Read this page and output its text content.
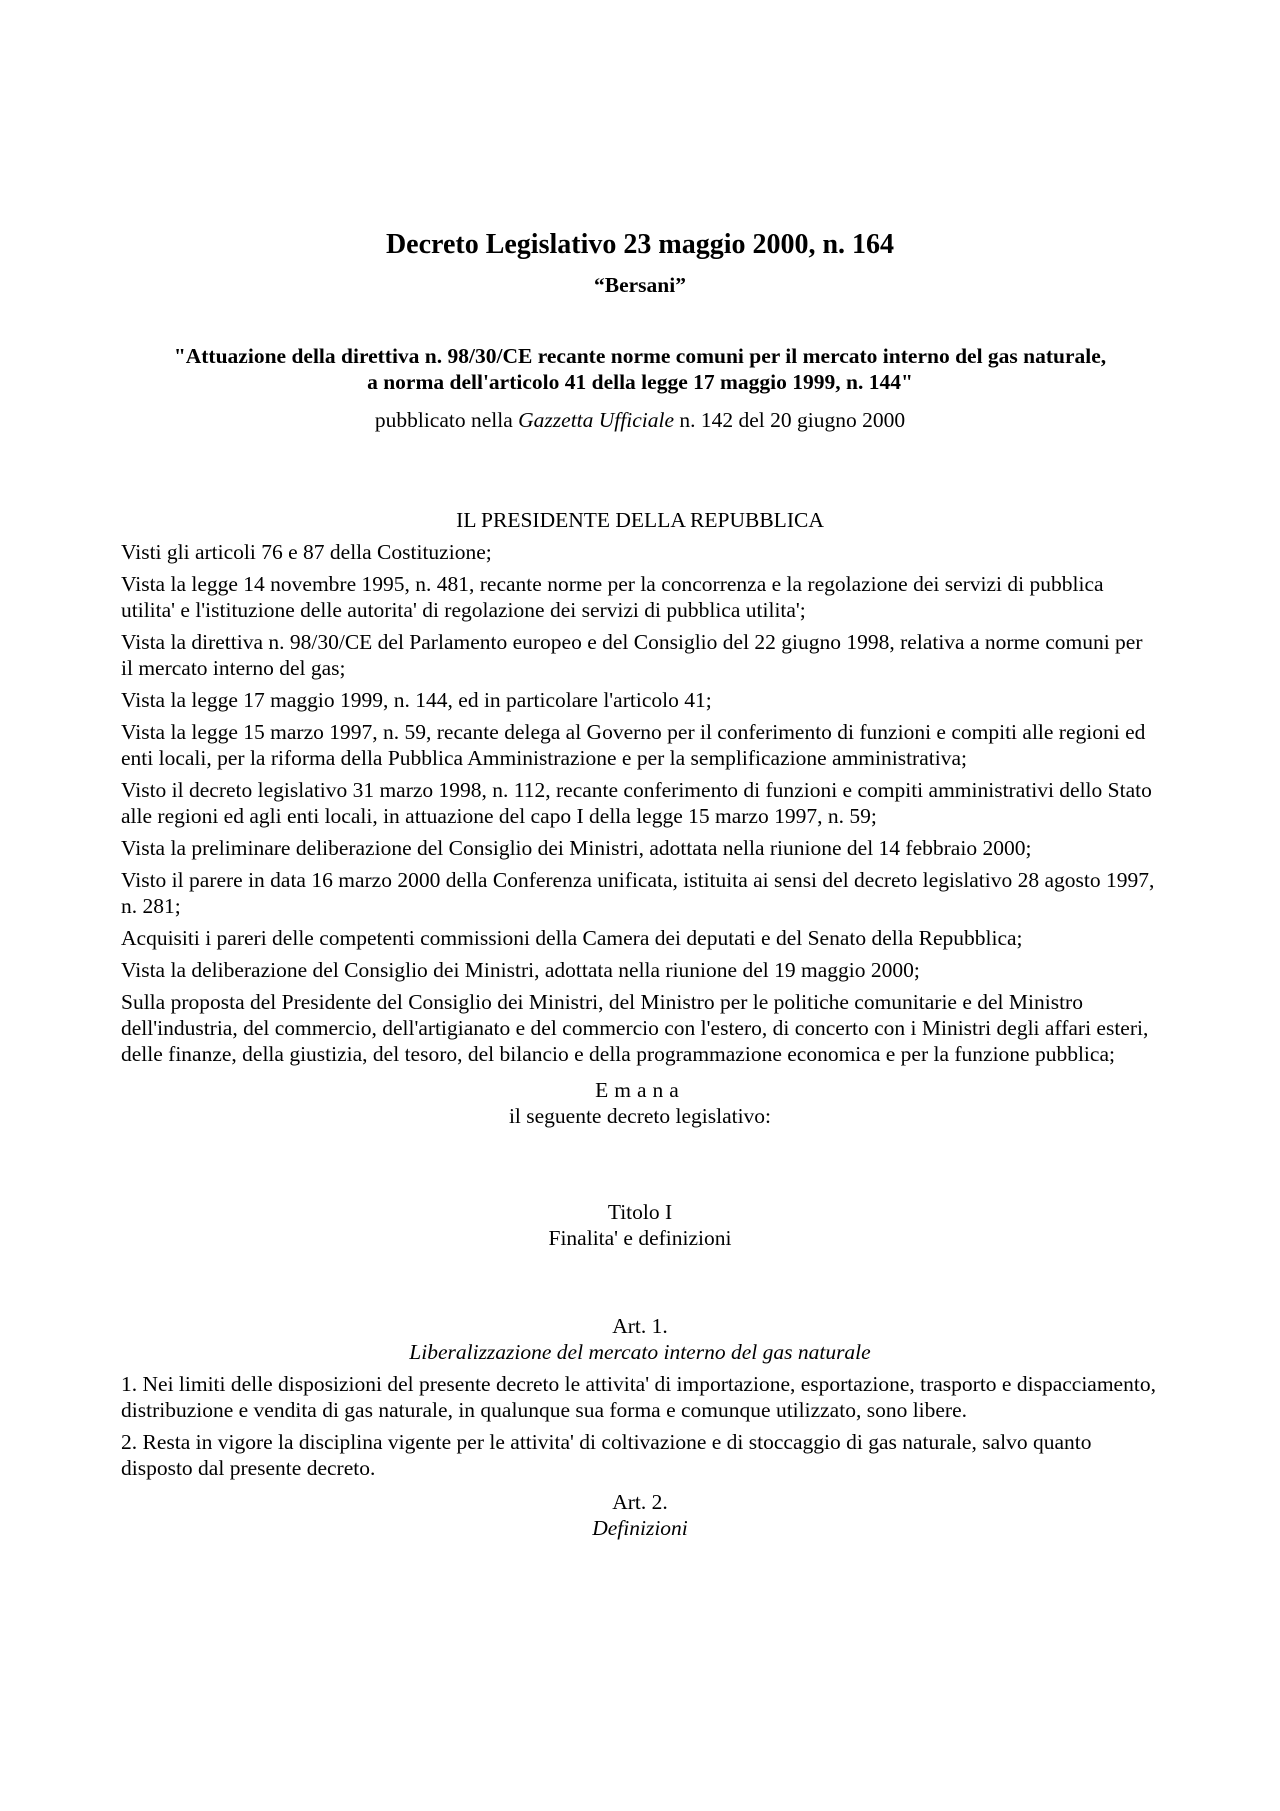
Decreto Legislativo 23 maggio 2000, n. 164
“Bersani”
"Attuazione della direttiva n. 98/30/CE recante norme comuni per il mercato interno del gas naturale,
a norma dell'articolo 41 della legge 17 maggio 1999, n. 144"
pubblicato nella Gazzetta Ufficiale n. 142 del 20 giugno 2000
IL PRESIDENTE DELLA REPUBBLICA

Visti gli articoli 76 e 87 della Costituzione;

Vista la legge 14 novembre 1995, n. 481, recante norme per la concorrenza e la regolazione dei servizi di pubblica utilita' e l'istituzione delle autorita' di regolazione dei servizi di pubblica utilita';

Vista la direttiva n. 98/30/CE del Parlamento europeo e del Consiglio del 22 giugno 1998, relativa a norme comuni per il mercato interno del gas;

Vista la legge 17 maggio 1999, n. 144, ed in particolare l'articolo 41;

Vista la legge 15 marzo 1997, n. 59, recante delega al Governo per il conferimento di funzioni e compiti alle regioni ed enti locali, per la riforma della Pubblica Amministrazione e per la semplificazione amministrativa;

Visto il decreto legislativo 31 marzo 1998, n. 112, recante conferimento di funzioni e compiti amministrativi dello Stato alle regioni ed agli enti locali, in attuazione del capo I della legge 15 marzo 1997, n. 59;

Vista la preliminare deliberazione del Consiglio dei Ministri, adottata nella riunione del 14 febbraio 2000;

Visto il parere in data 16 marzo 2000 della Conferenza unificata, istituita ai sensi del decreto legislativo 28 agosto 1997, n. 281;

Acquisiti i pareri delle competenti commissioni della Camera dei deputati e del Senato della Repubblica;

Vista la deliberazione del Consiglio dei Ministri, adottata nella riunione del 19 maggio 2000;

Sulla proposta del Presidente del Consiglio dei Ministri, del Ministro per le politiche comunitarie e del Ministro dell'industria, del commercio, dell'artigianato e del commercio con l'estero, di concerto con i Ministri degli affari esteri, delle finanze, della giustizia, del tesoro, del bilancio e della programmazione economica e per la funzione pubblica;

Emana
il seguente decreto legislativo:
Titolo I
Finalita' e definizioni
Art. 1.
Liberalizzazione del mercato interno del gas naturale

1. Nei limiti delle disposizioni del presente decreto le attivita' di importazione, esportazione, trasporto e dispacciamento, distribuzione e vendita di gas naturale, in qualunque sua forma e comunque utilizzato, sono libere.

2. Resta in vigore la disciplina vigente per le attivita' di coltivazione e di stoccaggio di gas naturale, salvo quanto disposto dal presente decreto.

Art. 2.
Definizioni
